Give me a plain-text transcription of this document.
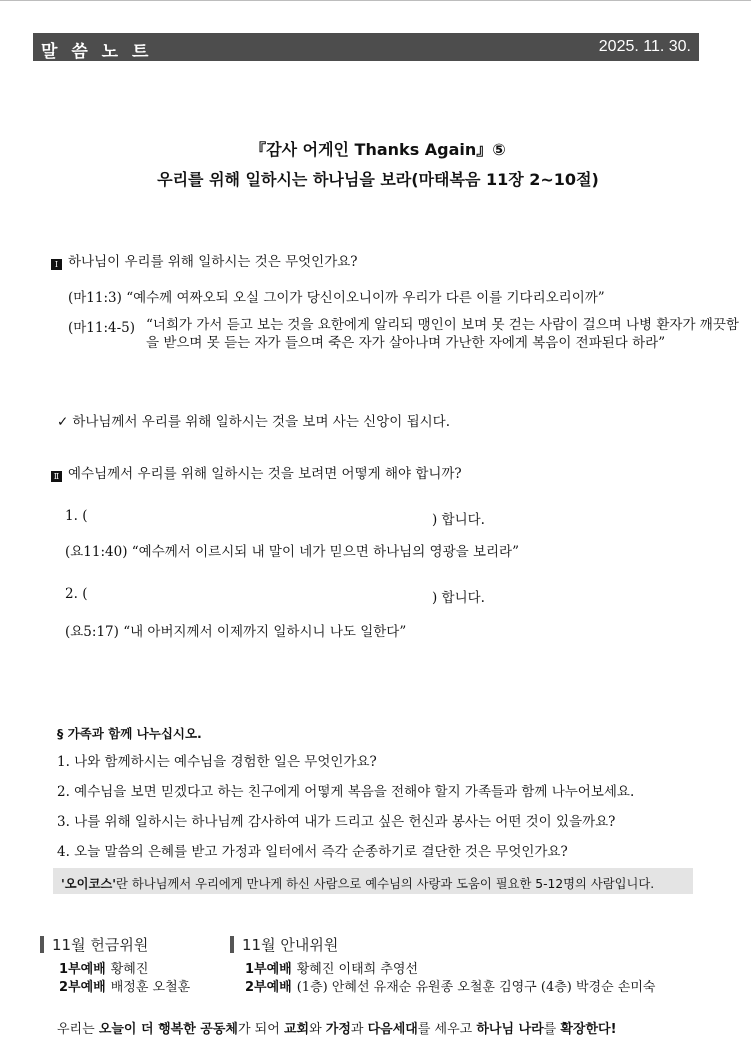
말 씀 노 트	2025. 11. 30.
『감사 어게인 Thanks Again』⑤
우리를 위해 일하시는 하나님을 보라(마태복음 11장 2~10절)
Ⅰ 하나님이 우리를 위해 일하시는 것은 무엇인가요?
(마11:3) “예수께 여짜오되 오실 그이가 당신이오니이까 우리가 다른 이를 기다리오리이까”
(마11:4-5) “너희가 가서 듣고 보는 것을 요한에게 알리되 맹인이 보며 못 걷는 사람이 걸으며 나병 환자가 깨끗함을 받으며 못 듣는 자가 들으며 죽은 자가 살아나며 가난한 자에게 복음이 전파된다 하라”
✓ 하나님께서 우리를 위해 일하시는 것을 보며 사는 신앙이 됩시다.
Ⅱ 예수님께서 우리를 위해 일하시는 것을 보려면 어떻게 해야 합니까?
1. (	) 합니다.
(요11:40) “예수께서 이르시되 내 말이 네가 믿으면 하나님의 영광을 보리라”
2. (	) 합니다.
(요5:17) “내 아버지께서 이제까지 일하시니 나도 일한다”
§ 가족과 함께 나누십시오.
1. 나와 함께하시는 예수님을 경험한 일은 무엇인가요?
2. 예수님을 보면 믿겠다고 하는 친구에게 어떻게 복음을 전해야 할지 가족들과 함께 나누어보세요.
3. 나를 위해 일하시는 하나님께 감사하여 내가 드리고 싶은 헌신과 봉사는 어떤 것이 있을까요?
4. 오늘 말씀의 은혜를 받고 가정과 일터에서 즉각 순종하기로 결단한 것은 무엇인가요?
'오이코스'란 하나님께서 우리에게 만나게 하신 사람으로 예수님의 사랑과 도움이 필요한 5-12명의 사람입니다.
11월 헌금위원
1부예배 황혜진
2부예배 배정훈 오철훈
11월 안내위원
1부예배 황혜진 이태희 추영선
2부예배 (1층) 안혜선 유재순 유원종 오철훈 김영구 (4층) 박경순 손미숙
우리는 오늘이 더 행복한 공동체가 되어 교회와 가정과 다음세대를 세우고 하나님 나라를 확장한다!
